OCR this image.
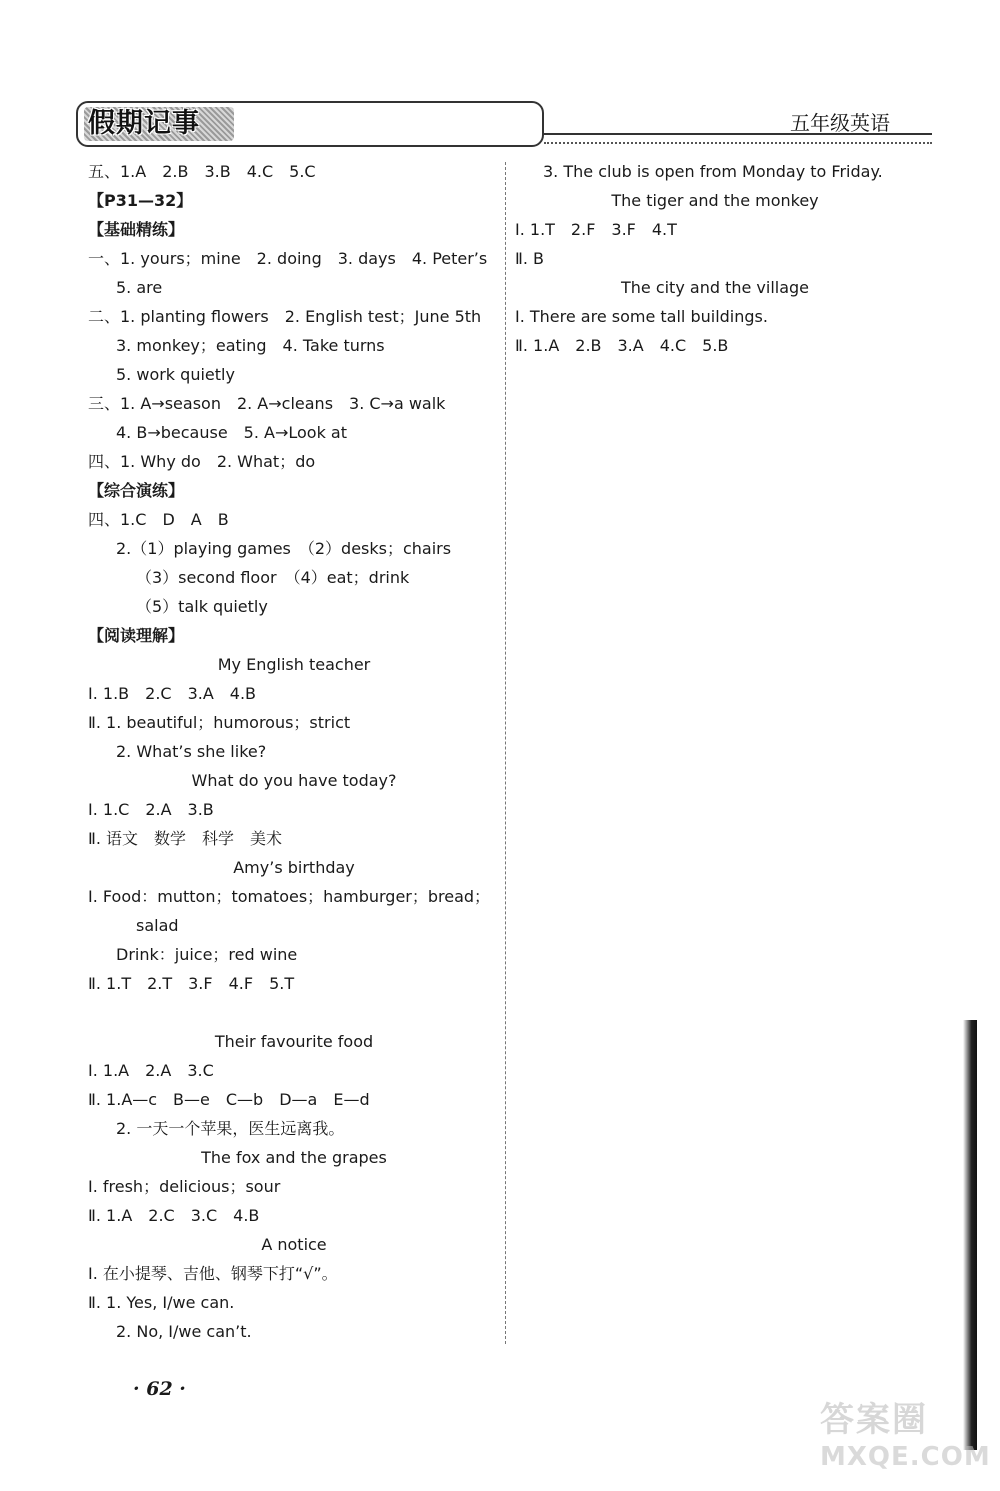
假期记事	五年级英语
五、1.A　2.B　3.B　4.C　5.C
【P31—32】
【基础精练】
一、1. yours；mine　2. doing　3. days　4. Peter’s
5. are
二、1. planting flowers　2. English test；June 5th
3. monkey；eating　4. Take turns
5. work quietly
三、1. A→season　2. A→cleans　3. C→a walk
4. B→because　5. A→Look at
四、1. Why do　2. What；do
【综合演练】
四、1.C　D　A　B
2.（1）playing games　（2）desks；chairs
（3）second floor　（4）eat；drink
（5）talk quietly
【阅读理解】
My English teacher
Ⅰ. 1.B　2.C　3.A　4.B
Ⅱ. 1. beautiful；humorous；strict
2. What’s she like?
What do you have today?
Ⅰ. 1.C　2.A　3.B
Ⅱ. 语文　数学　科学　美术
Amy’s birthday
Ⅰ. Food：mutton；tomatoes；hamburger；bread；
salad
Drink：juice；red wine
Ⅱ. 1.T　2.T　3.F　4.F　5.T
Their favourite food
Ⅰ. 1.A　2.A　3.C
Ⅱ. 1.A—c　B—e　C—b　D—a　E—d
2. 一天一个苹果，医生远离我。
The fox and the grapes
Ⅰ. fresh；delicious；sour
Ⅱ. 1.A　2.C　3.C　4.B
A notice
Ⅰ. 在小提琴、吉他、钢琴下打“√”。
Ⅱ. 1. Yes, I/we can.
2. No, I/we can’t.
3. The club is open from Monday to Friday.
The tiger and the monkey
Ⅰ. 1.T　2.F　3.F　4.T
Ⅱ. B
The city and the village
Ⅰ. There are some tall buildings.
Ⅱ. 1.A　2.B　3.A　4.C　5.B
· 62 ·
答案圈
MXQE.COM
